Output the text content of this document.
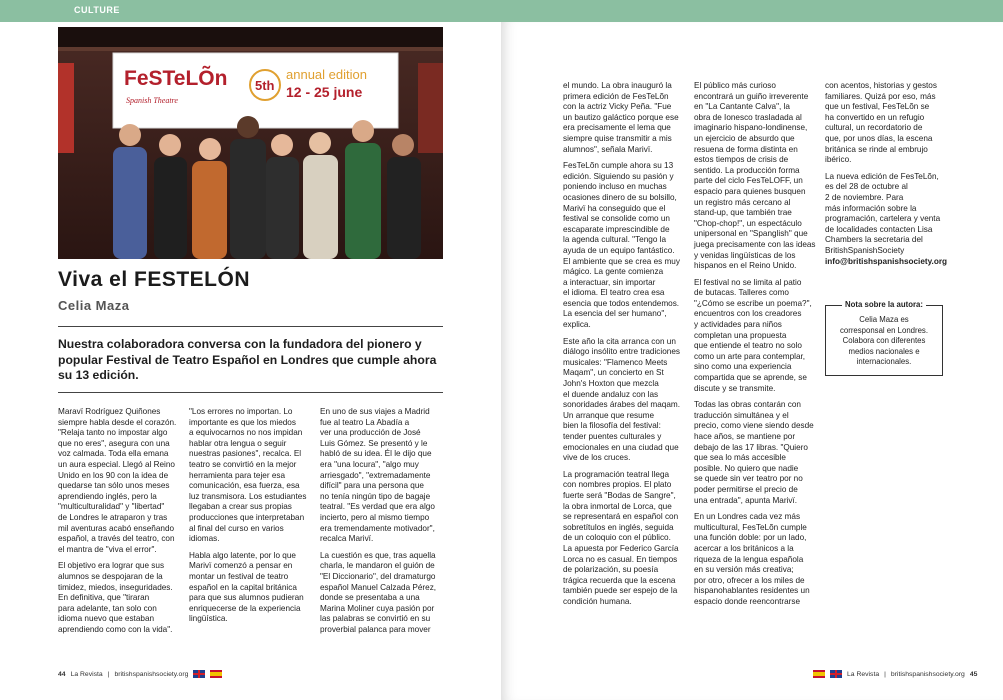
CULTURE
FeSTeLÕn
Spanish Theatre
5th
annual edition
12 - 25 june
Viva el FESTELÓN
Celia Maza
Nuestra colaboradora conversa con la fundadora del pionero y popular Festival de Teatro Español en Londres que cumple ahora su 13 edición.

Maravï Rodríguez Quiñones
siempre habla desde el corazón.
"Relaja tanto no impostar algo
que no eres", asegura con una
voz calmada. Toda ella emana
un aura especial. Llegó al Reino
Unido en los 90 con la idea de
quedarse tan sólo unos meses
aprendiendo inglés, pero la
"multiculturalidad" y "libertad"
de Londres le atraparon y tras
mil aventuras acabó enseñando
español, a través del teatro, con
el mantra de "viva el error".

El objetivo era lograr que sus
alumnos se despojaran de la
timidez, miedos, inseguridades.
En definitiva, que "tiraran
para adelante, tan solo con
idioma nuevo que estaban
aprendiendo como con la vida".

"Los errores no importan. Lo
importante es que los miedos
a equivocarnos no nos impidan
hablar otra lengua o seguir
nuestras pasiones", recalca. El
teatro se convirtió en la mejor
herramienta para tejer esa
comunicación, esa fuerza, esa
luz transmisora. Los estudiantes
llegaban a crear sus propias
producciones que interpretaban
al final del curso en varios
idiomas.

Habla algo latente, por lo que
Marivï comenzó a pensar en
montar un festival de teatro
español en la capital británica
para que sus alumnos pudieran
enriquecerse de la experiencia
lingüística.

En uno de sus viajes a Madrid
fue al teatro La Abadía a
ver una producción de José
Luis Gómez. Se presentó y le
habló de su idea. Él le dijo que
era "una locura", "algo muy
arriesgado", "extremadamente
difícil" para una persona que
no tenía ningún tipo de bagaje
teatral. "Es verdad que era algo
incierto, pero al mismo tiempo
era tremendamente motivador",
recalca Marivï.

La cuestión es que, tras aquella
charla, le mandaron el guión de
"El Diccionario", del dramaturgo
español Manuel Calzada Pérez,
donde se presentaba a una
Marina Moliner cuya pasión por
las palabras se convirtió en su
proverbial palanca para mover

el mundo. La obra inauguró la
primera edición de FesTeLõn
con la actriz Vicky Peña. "Fue
un bautizo galáctico porque ese
era precisamente el lema que
siempre quise transmitir a mis
alumnos", señala Marivï.

FesTeLõn cumple ahora su 13
edición. Siguiendo su pasión y
poniendo incluso en muchas
ocasiones dinero de su bolsillo,
Marivï ha conseguido que el
festival se consolide como un
escaparate imprescindible de
la agenda cultural. "Tengo la
ayuda de un equipo fantástico.
El ambiente que se crea es muy
mágico. La gente comienza
a interactuar, sin importar
el idioma. El teatro crea esa
esencia que todos entendemos.
La esencia del ser humano",
explica.

Este año la cita arranca con un
diálogo insólito entre tradiciones
musicales: "Flamenco Meets
Maqam", un concierto en St
John's Hoxton que mezcla
el duende andaluz con las
sonoridades árabes del maqam.
Un arranque que resume
bien la filosofía del festival:
tender puentes culturales y
emocionales en una ciudad que
vive de los cruces.

La programación teatral llega
con nombres propios. El plato
fuerte será "Bodas de Sangre",
la obra inmortal de Lorca, que
se representará en español con
sobretítulos en inglés, seguida
de un coloquio con el público.
La apuesta por Federico García
Lorca no es casual. En tiempos
de polarización, su poesía
trágica recuerda que la escena
también puede ser espejo de la
condición humana.

El público más curioso
encontrará un guiño irreverente
en "La Cantante Calva", la
obra de Ionesco trasladada al
imaginario hispano-londinense,
un ejercicio de absurdo que
resuena de forma distinta en
estos tiempos de crisis de
sentido. La producción forma
parte del ciclo FesTeLOFF, un
espacio para quienes busquen
un registro más cercano al
stand-up, que también trae
"Chop-chop!", un espectáculo
unipersonal en "Spanglish" que
juega precisamente con las ideas
y venidas lingüísticas de los
hispanos en el Reino Unido.

El festival no se limita al patio
de butacas. Talleres como
"¿Cómo se escribe un poema?",
encuentros con los creadores
y actividades para niños
completan una propuesta
que entiende el teatro no solo
como un arte para contemplar,
sino como una experiencia
compartida que se aprende, se
discute y se transmite.

Todas las obras contarán con
traducción simultánea y el
precio, como viene siendo desde
hace años, se mantiene por
debajo de las 17 libras. "Quiero
que sea lo más accesible
posible. No quiero que nadie
se quede sin ver teatro por no
poder permitirse el precio de
una entrada", apunta Marivï.

En un Londres cada vez más
multicultural, FesTeLõn cumple
una función doble: por un lado,
acercar a los británicos a la
riqueza de la lengua española
en su versión más creativa;
por otro, ofrecer a los miles de
hispanohablantes residentes un
espacio donde reencontrarse

con acentos, historias y gestos
familiares. Quizá por eso, más
que un festival, FesTeLõn se
ha convertido en un refugio
cultural, un recordatorio de
que, por unos días, la escena
británica se rinde al embrujo
ibérico.

La nueva edición de FesTeLõn,
es del 28 de octubre al
2 de noviembre. Para
más información sobre la
programación, cartelera y venta
de localidades contacten Lisa
Chambers la secretaria del
BritishSpanishSociety

info@britishspanishsociety.org

Nota sobre la autora:
Celia Maza es
corresponsal en Londres.
Colabora con diferentes
medios nacionales e
internacionales.
44 La Revista | britishspanishsociety.org	La Revista | britishspanishsociety.org 45
